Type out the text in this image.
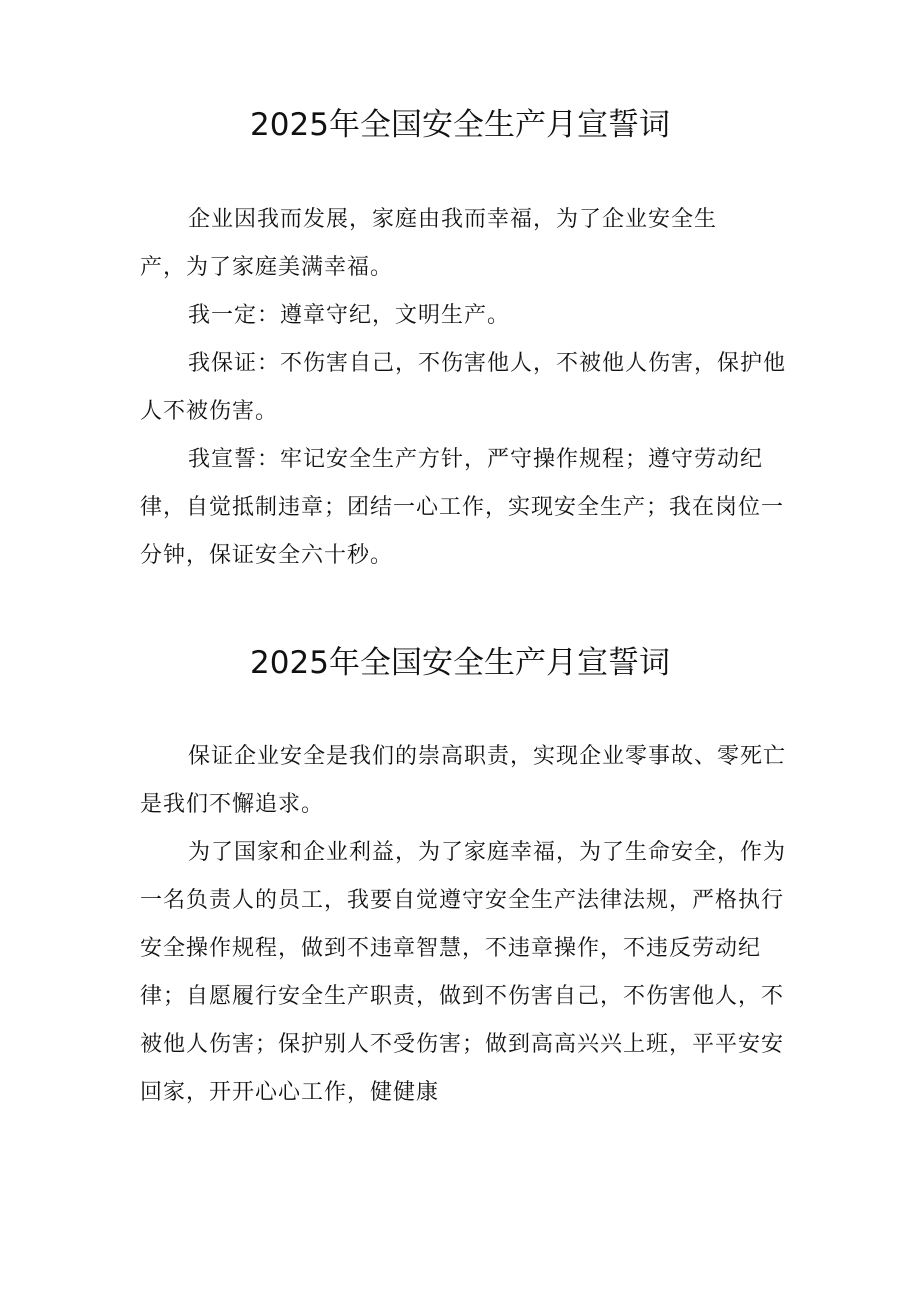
2025年全国安全生产月宣誓词

企业因我而发展，家庭由我而幸福，为了企业安全生产，为了家庭美满幸福。

我一定：遵章守纪，文明生产。

我保证：不伤害自己，不伤害他人，不被他人伤害，保护他人不被伤害。

我宣誓：牢记安全生产方针，严守操作规程；遵守劳动纪律，自觉抵制违章；团结一心工作，实现安全生产；我在岗位一分钟，保证安全六十秒。

2025年全国安全生产月宣誓词

保证企业安全是我们的崇高职责，实现企业零事故、零死亡是我们不懈追求。

为了国家和企业利益，为了家庭幸福，为了生命安全，作为一名负责人的员工，我要自觉遵守安全生产法律法规，严格执行安全操作规程，做到不违章智慧，不违章操作，不违反劳动纪律；自愿履行安全生产职责，做到不伤害自己，不伤害他人，不被他人伤害；保护别人不受伤害；做到高高兴兴上班，平平安安回家，开开心心工作，健健康
